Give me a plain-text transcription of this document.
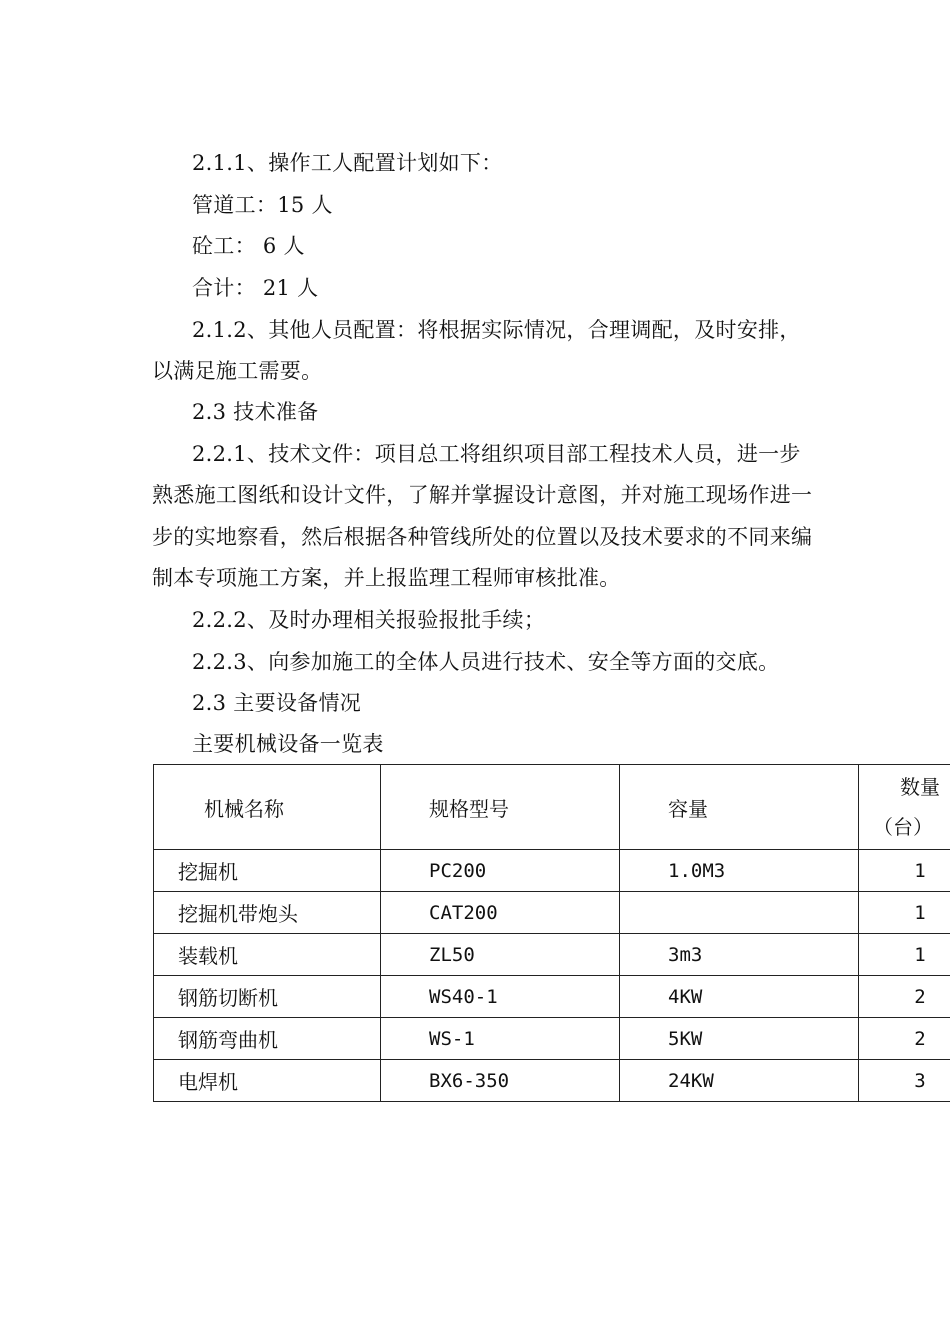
2.1.1、操作工人配置计划如下：
管道工：15 人
砼工： 6 人
合计： 21 人
2.1.2、其他人员配置：将根据实际情况，合理调配，及时安排，
以满足施工需要。
2.3 技术准备
2.2.1、技术文件：项目总工将组织项目部工程技术人员，进一步
熟悉施工图纸和设计文件，了解并掌握设计意图，并对施工现场作进一
步的实地察看，然后根据各种管线所处的位置以及技术要求的不同来编
制本专项施工方案，并上报监理工程师审核批准。
2.2.2、及时办理相关报验报批手续；
2.2.3、向参加施工的全体人员进行技术、安全等方面的交底。
2.3 主要设备情况
主要机械设备一览表
机械名称	规格型号	容量	数量
（台）

挖掘机	PC200	1.0M3	1
挖掘机带炮头	CAT200		1
装载机	ZL50	3m3	1
钢筋切断机	WS40-1	4KW	2
钢筋弯曲机	WS-1	5KW	2
电焊机	BX6-350	24KW	3
